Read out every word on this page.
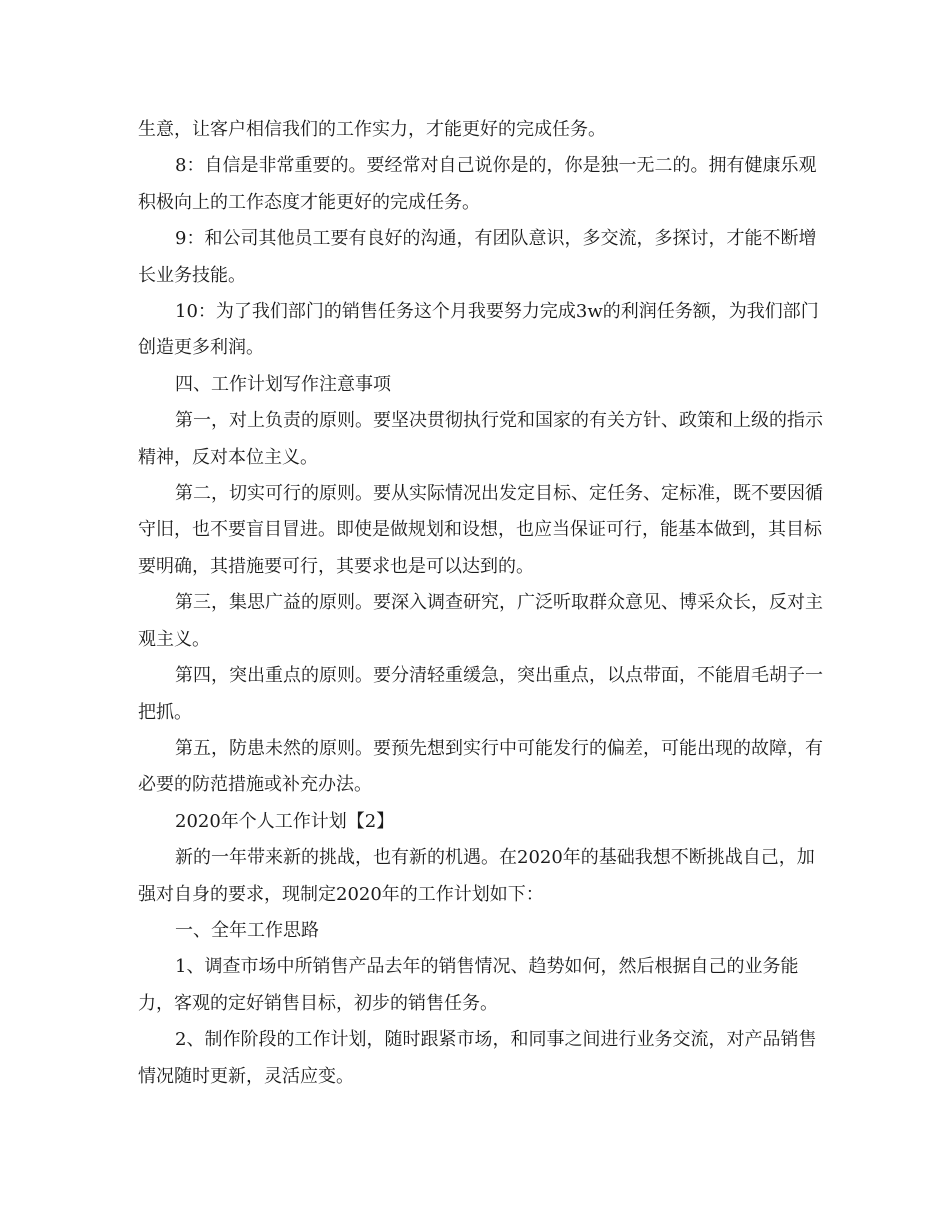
生意，让客户相信我们的工作实力，才能更好的完成任务。

8：自信是非常重要的。要经常对自己说你是的，你是独一无二的。拥有健康乐观积极向上的工作态度才能更好的完成任务。

9：和公司其他员工要有良好的沟通，有团队意识，多交流，多探讨，才能不断增长业务技能。

10：为了我们部门的销售任务这个月我要努力完成3w的利润任务额，为我们部门创造更多利润。

四、工作计划写作注意事项

第一，对上负责的原则。要坚决贯彻执行党和国家的有关方针、政策和上级的指示精神，反对本位主义。

第二，切实可行的原则。要从实际情况出发定目标、定任务、定标准，既不要因循守旧，也不要盲目冒进。即使是做规划和设想，也应当保证可行，能基本做到，其目标要明确，其措施要可行，其要求也是可以达到的。

第三，集思广益的原则。要深入调查研究，广泛听取群众意见、博采众长，反对主观主义。

第四，突出重点的原则。要分清轻重缓急，突出重点，以点带面，不能眉毛胡子一把抓。

第五，防患未然的原则。要预先想到实行中可能发行的偏差，可能出现的故障，有必要的防范措施或补充办法。

2020年个人工作计划【2】

新的一年带来新的挑战，也有新的机遇。在2020年的基础我想不断挑战自己，加强对自身的要求，现制定2020年的工作计划如下：

一、全年工作思路

1、调查市场中所销售产品去年的销售情况、趋势如何，然后根据自己的业务能力，客观的定好销售目标，初步的销售任务。

2、制作阶段的工作计划，随时跟紧市场，和同事之间进行业务交流，对产品销售情况随时更新，灵活应变。
